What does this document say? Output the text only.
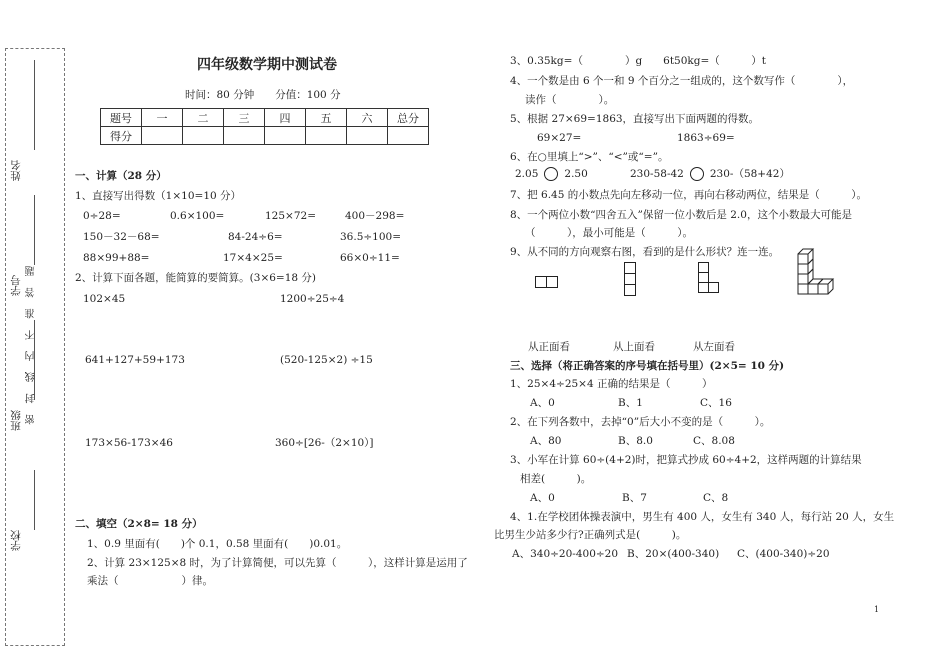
姓名
学号
班级
学校
密 封 线 内 不 准 答 题
四年级数学期中测试卷
时间：80 分钟　　分值：100 分
题号	一	二	三	四	五	六	总分
得分							
一、计算（28 分）
1、直接写出得数（1×10=10 分）
0÷28=	0.6×100=	125×72=	400－298=
150－32－68=	84-24÷6=	36.5÷100=
88×99+88=	17×4×25=	66×0÷11=
2、计算下面各题，能简算的要简算。(3×6=18 分)
102×45	1200÷25÷4
641+127+59+173	(520-125×2) ÷15
173×56-173×46	360÷[26-（2×10）]
二、填空（2×8= 18 分）
1、0.9 里面有(　　)个 0.1，0.58 里面有(　　)0.01。
2、计算 23×125×8 时，为了计算简便，可以先算（　　　），这样计算是运用了
乘法（　　　　　　）律。
3、0.35kg=（　　　　）g　　6t50kg=（　　　）t
4、一个数是由 6 个一和 9 个百分之一组成的，这个数写作（　　　　），
读作（　　　　）。
5、根据 27×69=1863，直接写出下面两题的得数。
69×27=	1863÷69=
6、在○里填上“>”、“<”或“=”。
2.05 2.50	230-58-42 230-（58+42）
7、把 6.45 的小数点先向左移动一位，再向右移动两位，结果是（　　　）。
8、一个两位小数“四舍五入”保留一位小数后是 2.0，这个小数最大可能是
（　　　），最小可能是（　　　）。
9、从不同的方向观察右图，看到的是什么形状？连一连。
从正面看	从上面看	从左面看
三、选择（将正确答案的序号填在括号里）(2×5= 10 分)
1、25×4÷25×4 正确的结果是（　　　）
A、0	B、1	C、16
2、在下列各数中，去掉“0”后大小不变的是（　　　）。
A、80	B、8.0	C、8.08
3、小军在计算 60÷(4+2)时，把算式抄成 60÷4+2，这样两题的计算结果
相差(　　　)。
A、0	B、7	C、8
4、1.在学校团体操表演中，男生有 400 人，女生有 340 人，每行站 20 人，女生
比男生少站多少行?正确列式是(　　　)。
A、340÷20-400÷20 B、20×(400-340) C、(400-340)÷20
1
